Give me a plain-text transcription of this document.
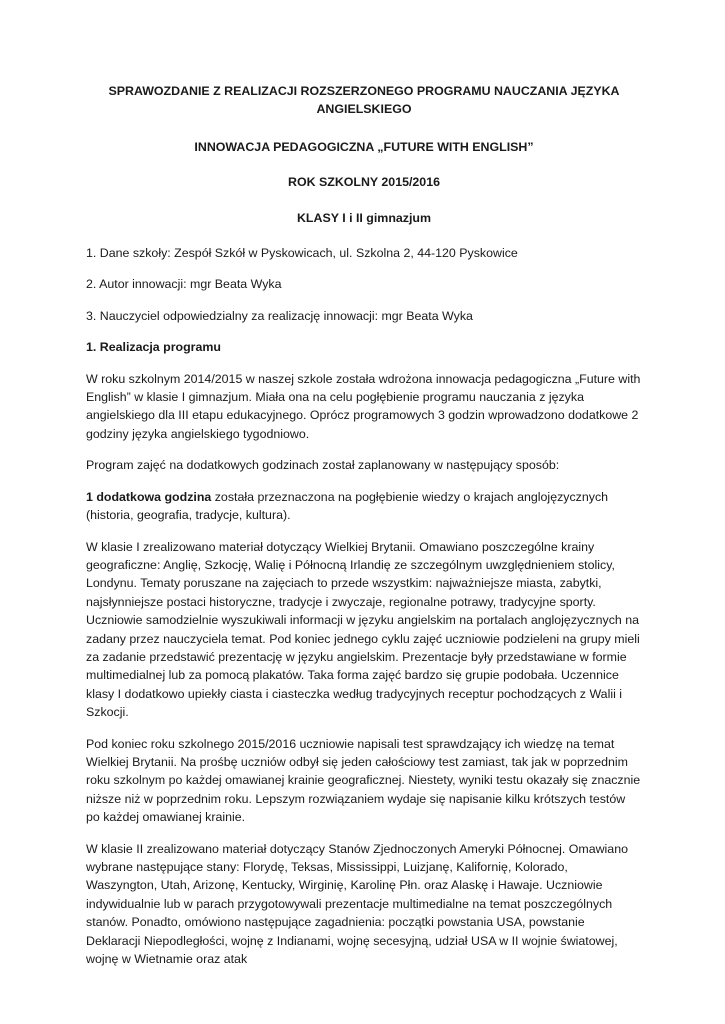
SPRAWOZDANIE Z REALIZACJI ROZSZERZONEGO PROGRAMU NAUCZANIA JĘZYKA ANGIELSKIEGO
INNOWACJA PEDAGOGICZNA „FUTURE WITH ENGLISH”
ROK SZKOLNY 2015/2016
KLASY I i II gimnazjum
1. Dane szkoły: Zespół Szkół w Pyskowicach, ul. Szkolna 2, 44-120 Pyskowice
2. Autor innowacji: mgr Beata Wyka
3. Nauczyciel odpowiedzialny za realizację innowacji: mgr Beata Wyka
1. Realizacja programu

W roku szkolnym 2014/2015 w naszej szkole została wdrożona innowacja pedagogiczna „Future with English” w klasie I gimnazjum. Miała ona na celu pogłębienie programu nauczania z języka angielskiego dla III etapu edukacyjnego. Oprócz programowych 3 godzin wprowadzono dodatkowe 2 godziny języka angielskiego tygodniowo.

Program zajęć na dodatkowych godzinach został zaplanowany w następujący sposób:

1 dodatkowa godzina została przeznaczona na pogłębienie wiedzy o krajach anglojęzycznych (historia, geografia, tradycje, kultura).

W klasie I zrealizowano materiał dotyczący Wielkiej Brytanii. Omawiano poszczególne krainy geograficzne: Anglię, Szkocję, Walię i Północną Irlandię ze szczególnym uwzględnieniem stolicy, Londynu. Tematy poruszane na zajęciach to przede wszystkim: najważniejsze miasta, zabytki, najsłynniejsze postaci historyczne, tradycje i zwyczaje, regionalne potrawy, tradycyjne sporty. Uczniowie samodzielnie wyszukiwali informacji w języku angielskim na portalach anglojęzycznych na zadany przez nauczyciela temat. Pod koniec jednego cyklu zajęć uczniowie podzieleni na grupy mieli za zadanie przedstawić prezentację w języku angielskim. Prezentacje były przedstawiane w formie multimedialnej lub za pomocą plakatów. Taka forma zajęć bardzo się grupie podobała. Uczennice klasy I dodatkowo upiekły ciasta i ciasteczka według tradycyjnych receptur pochodzących z Walii i Szkocji.

Pod koniec roku szkolnego 2015/2016 uczniowie napisali test sprawdzający ich wiedzę na temat Wielkiej Brytanii. Na prośbę uczniów odbył się jeden całościowy test zamiast, tak jak w poprzednim roku szkolnym po każdej omawianej krainie geograficznej. Niestety, wyniki testu okazały się znacznie niższe niż w poprzednim roku. Lepszym rozwiązaniem wydaje się napisanie kilku krótszych testów po każdej omawianej krainie.

W klasie II zrealizowano materiał dotyczący Stanów Zjednoczonych Ameryki Północnej. Omawiano wybrane następujące stany: Florydę, Teksas, Mississippi, Luizjanę, Kalifornię, Kolorado, Waszyngton, Utah, Arizonę, Kentucky, Wirginię, Karolinę Płn. oraz Alaskę i Hawaje. Uczniowie indywidualnie lub w parach przygotowywali prezentacje multimedialne na temat poszczególnych stanów. Ponadto, omówiono następujące zagadnienia: początki powstania USA, powstanie Deklaracji Niepodległości, wojnę z Indianami, wojnę secesyjną, udział USA w II wojnie światowej, wojnę w Wietnamie oraz atak
